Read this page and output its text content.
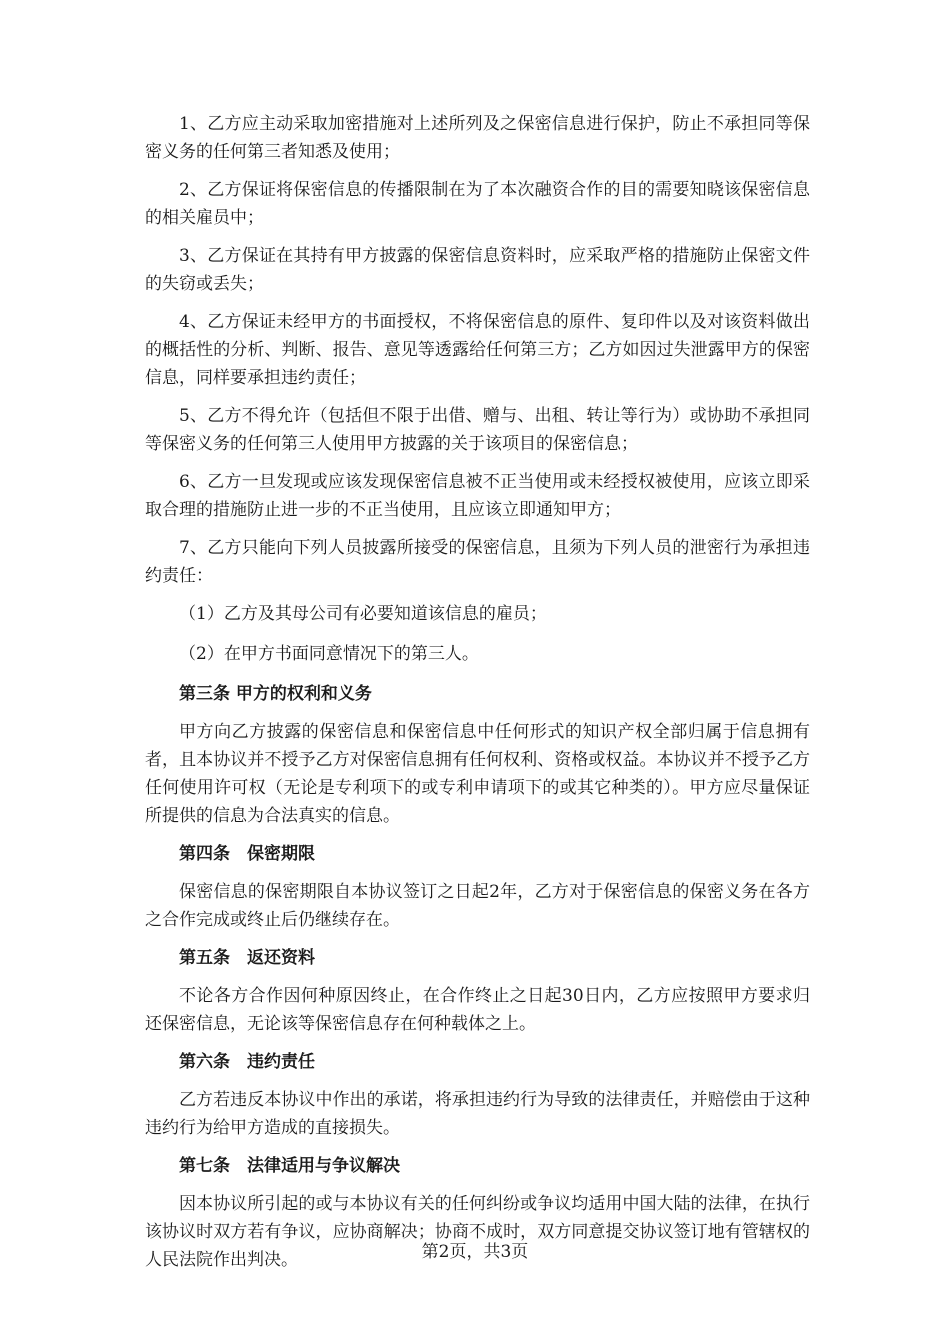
1、乙方应主动采取加密措施对上述所列及之保密信息进行保护，防止不承担同等保密义务的任何第三者知悉及使用；

2、乙方保证将保密信息的传播限制在为了本次融资合作的目的需要知晓该保密信息的相关雇员中；

3、乙方保证在其持有甲方披露的保密信息资料时，应采取严格的措施防止保密文件的失窃或丢失；

4、乙方保证未经甲方的书面授权，不将保密信息的原件、复印件以及对该资料做出的概括性的分析、判断、报告、意见等透露给任何第三方；乙方如因过失泄露甲方的保密信息，同样要承担违约责任；

5、乙方不得允许（包括但不限于出借、赠与、出租、转让等行为）或协助不承担同等保密义务的任何第三人使用甲方披露的关于该项目的保密信息；

6、乙方一旦发现或应该发现保密信息被不正当使用或未经授权被使用，应该立即采取合理的措施防止进一步的不正当使用，且应该立即通知甲方；

7、乙方只能向下列人员披露所接受的保密信息，且须为下列人员的泄密行为承担违约责任：

（1）乙方及其母公司有必要知道该信息的雇员；

（2）在甲方书面同意情况下的第三人。

第三条 甲方的权利和义务

甲方向乙方披露的保密信息和保密信息中任何形式的知识产权全部归属于信息拥有者，且本协议并不授予乙方对保密信息拥有任何权利、资格或权益。本协议并不授予乙方任何使用许可权（无论是专利项下的或专利申请项下的或其它种类的）。甲方应尽量保证所提供的信息为合法真实的信息。

第四条　保密期限

保密信息的保密期限自本协议签订之日起2年，乙方对于保密信息的保密义务在各方之合作完成或终止后仍继续存在。

第五条　返还资料

不论各方合作因何种原因终止，在合作终止之日起30日内，乙方应按照甲方要求归还保密信息，无论该等保密信息存在何种载体之上。

第六条　违约责任

乙方若违反本协议中作出的承诺，将承担违约行为导致的法律责任，并赔偿由于这种违约行为给甲方造成的直接损失。

第七条　法律适用与争议解决

因本协议所引起的或与本协议有关的任何纠纷或争议均适用中国大陆的法律，在执行该协议时双方若有争议，应协商解决；协商不成时，双方同意提交协议签订地有管辖权的人民法院作出判决。	第2页，共3页
